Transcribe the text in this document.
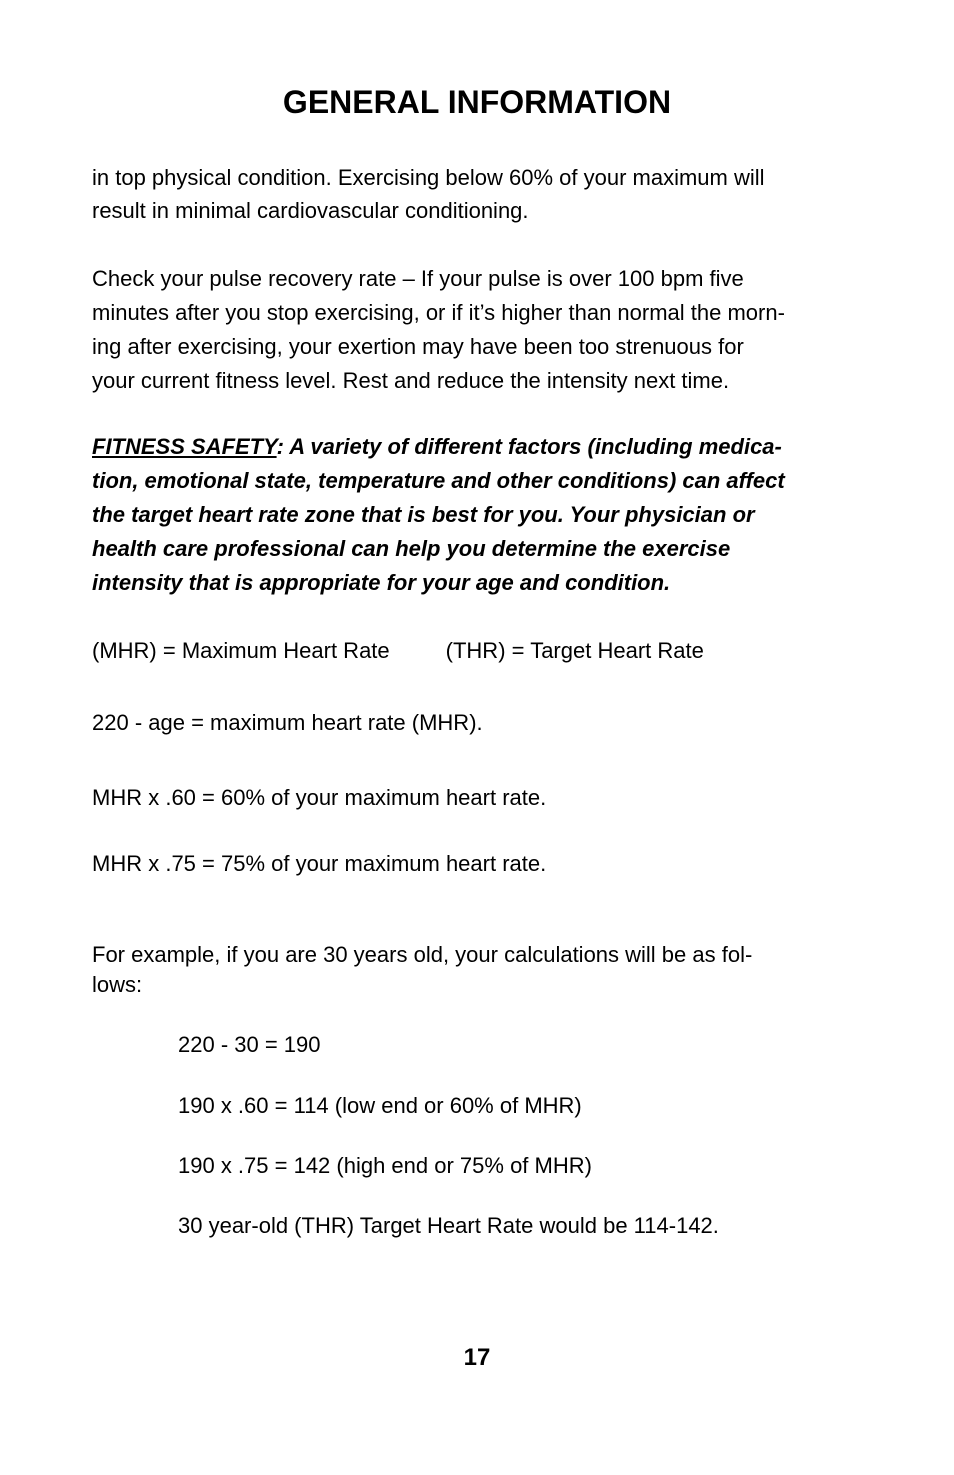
GENERAL INFORMATION

in top physical condition. Exercising below 60% of your maximum will
result in minimal cardiovascular conditioning.

Check your pulse recovery rate – If your pulse is over 100 bpm five
minutes after you stop exercising, or if it’s higher than normal the morn-
ing after exercising, your exertion may have been too strenuous for
your current fitness level. Rest and reduce the intensity next time.

FITNESS SAFETY: A variety of different factors (including medica-
tion, emotional state, temperature and other conditions) can affect
the target heart rate zone that is best for you. Your physician or
health care professional can help you determine the exercise
intensity that is appropriate for your age and condition.

(MHR) = Maximum Heart Rate	(THR) = Target Heart Rate
220 - age = maximum heart rate (MHR).
MHR x .60 = 60% of your maximum heart rate.
MHR x .75 = 75% of your maximum heart rate.
For example, if you are 30 years old, your calculations will be as fol-
lows:
220 - 30 = 190
190 x .60 = 114 (low end or 60% of MHR)
190 x .75 = 142 (high end or 75% of MHR)
30 year-old (THR) Target Heart Rate would be 114-142.
17
